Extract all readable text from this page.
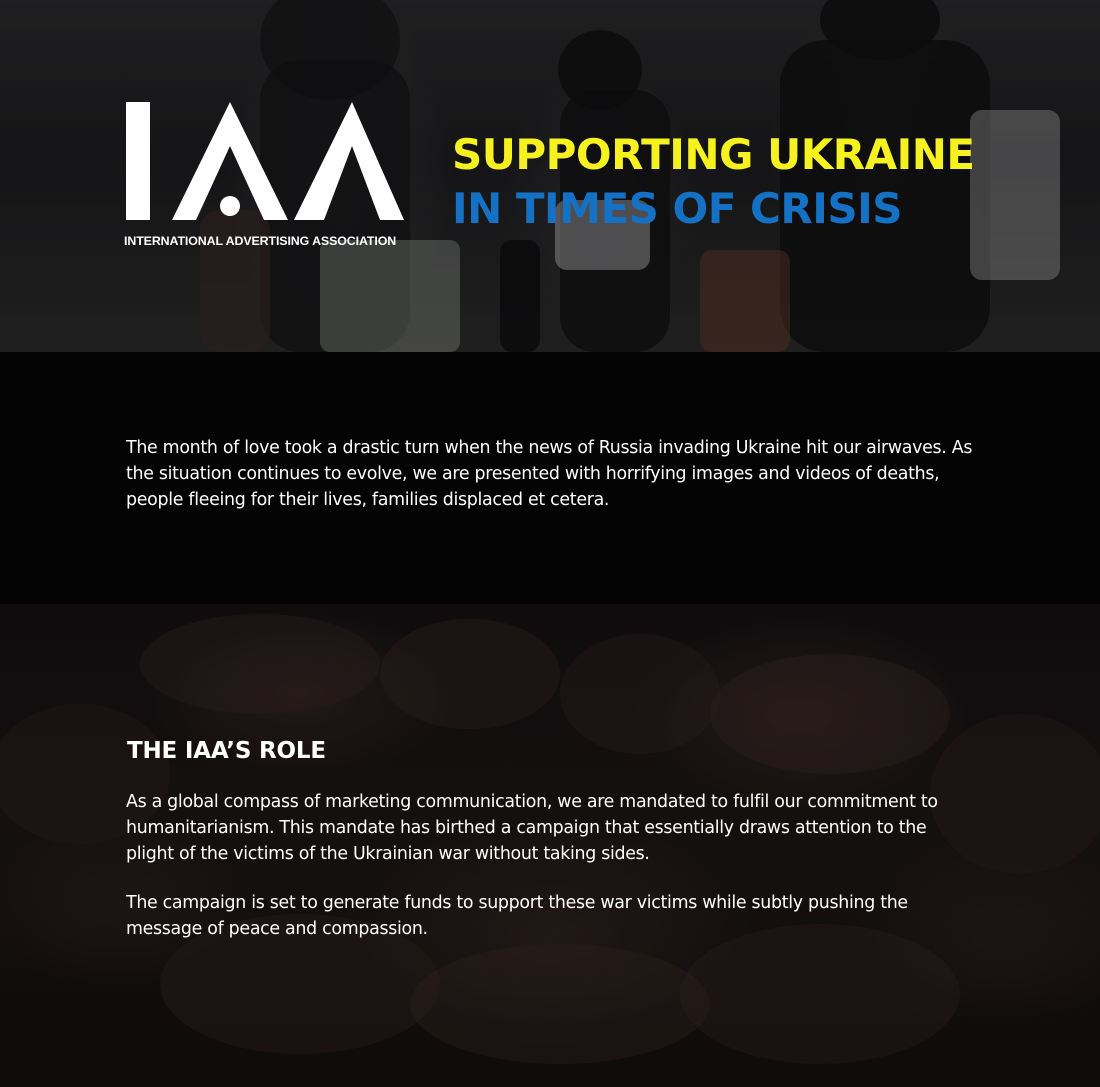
INTERNATIONAL ADVERTISING ASSOCIATION
SUPPORTING UKRAINE
IN TIMES OF CRISIS

The month of love took a drastic turn when the news of Russia invading Ukraine hit our airwaves. As the situation continues to evolve, we are presented with horrifying images and videos of deaths, people fleeing for their lives, families displaced et cetera.

THE IAA’S ROLE

As a global compass of marketing communication, we are mandated to fulfil our commitment to humanitarianism. This mandate has birthed a campaign that essentially draws attention to the plight of the victims of the Ukrainian war without taking sides.

The campaign is set to generate funds to support these war victims while subtly pushing the message of peace and compassion.
